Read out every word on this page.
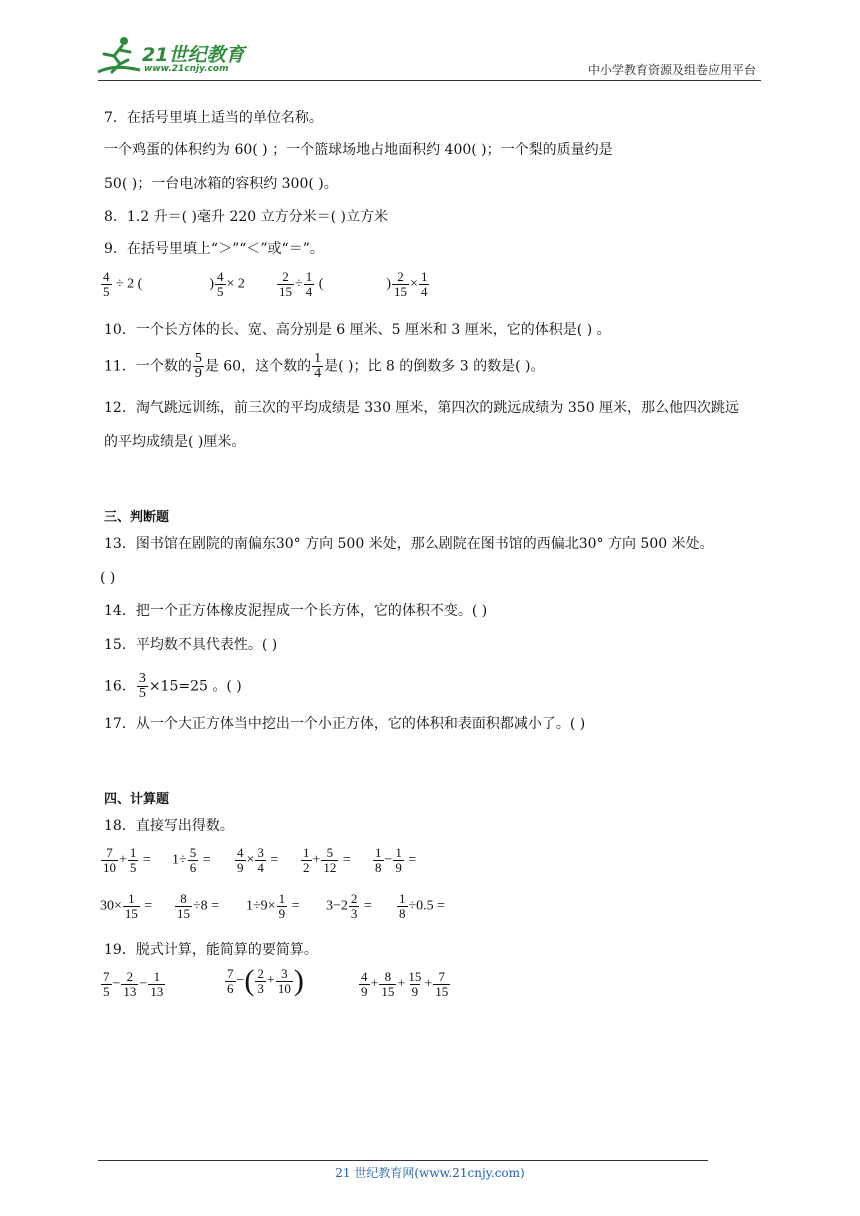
21世纪教育
www.21cnjy.com	中小学教育资源及组卷应用平台
7．在括号里填上适当的单位名称。
一个鸡蛋的体积约为 60( ) ；一个篮球场地占地面积约 400( )；一个梨的质量约是
50( )；一台电冰箱的容积约 300( )。
8．1.2 升＝( )毫升 220 立方分米＝( )立方米
9．在括号里填上“＞”“＜”或“＝”。
$\frac{4}{5} \div 2$ (	) $\frac{4}{5} \times 2 \frac{2}{15} \div \frac{1}{4}$ (	) $\frac{2}{15} \times \frac{1}{4}$
10．一个长方体的长、宽、高分别是 6 厘米、5 厘米和 3 厘米，它的体积是( ) 。
11．一个数的 $\frac{5}{9}$ 是 60，这个数的 $\frac{1}{4}$ 是( )；比 8 的倒数多 3 的数是( )。
12．淘气跳远训练，前三次的平均成绩是 330 厘米，第四次的跳远成绩为 350 厘米，那么他四次跳远
的平均成绩是( )厘米。
三、判断题
13．图书馆在剧院的南偏东30° 方向 500 米处，那么剧院在图书馆的西偏北30° 方向 500 米处。
( )
14．把一个正方体橡皮泥捏成一个长方体，它的体积不变。( )
15．平均数不具代表性。( )
16． $\frac{3}{5} \times 15=25$ 。( )
17．从一个大正方体当中挖出一个小正方体，它的体积和表面积都减小了。( )
四、计算题
18．直接写出得数。
$\frac{7}{10} + \frac{1}{5} = 1\div \frac{5}{6} = \frac{4}{9} \times \frac{3}{4} = \frac{1}{2} + \frac{5}{12} = \frac{1}{8} - \frac{1}{9}$ =
$30\times \frac{1}{15} = \frac{8}{15} \div 8 = 1\div 9\times \frac{1}{9} = 3-2 \frac{2}{3} = \frac{1}{8} \div 0.5$ =
19．脱式计算，能简算的要简算。
$\frac{7}{5} - \frac{2}{13} - \frac{1}{13}$	$\frac{7}{6}$ −( $\frac{2}{3} + \frac{3}{10}$ )	$\frac{4}{9} + \frac{8}{15} + \frac{15}{9} + \frac{7}{15}$
21 世纪教育网(www.21cnjy.com)
